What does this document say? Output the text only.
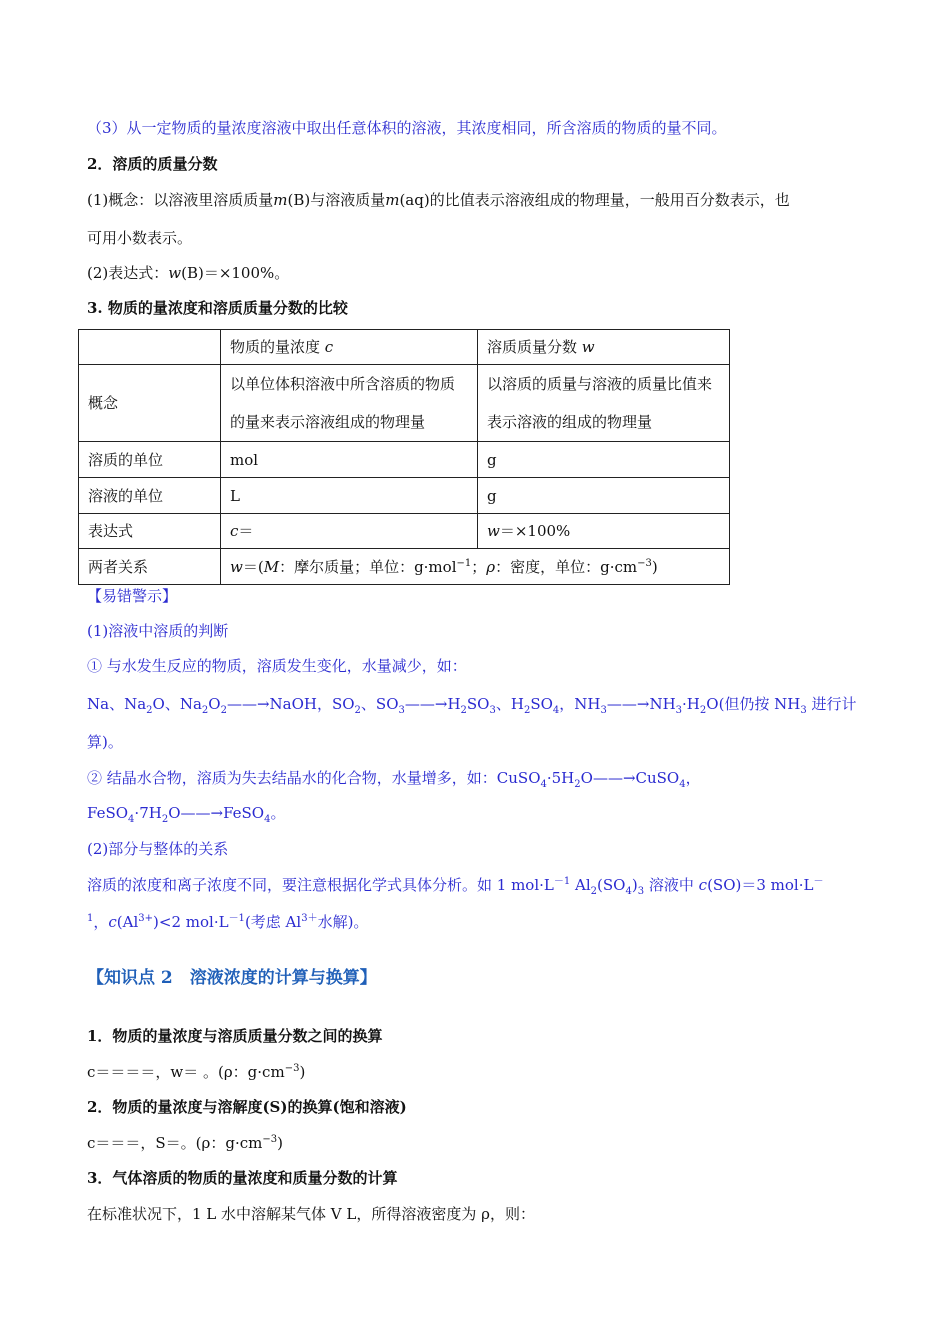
（3）从一定物质的量浓度溶液中取出任意体积的溶液，其浓度相同，所含溶质的物质的量不同。
2．溶质的质量分数
(1)概念：以溶液里溶质质量m(B)与溶液质量m(aq)的比值表示溶液组成的物理量，一般用百分数表示，也
可用小数表示。
(2)表达式：w(B)＝×100%。
3. 物质的量浓度和溶质质量分数的比较
	物质的量浓度 c	溶质质量分数 w
概念	以单位体积溶液中所含溶质的物质的量来表示溶液组成的物理量	以溶质的质量与溶液的质量比值来表示溶液的组成的物理量
溶质的单位	mol	g
溶液的单位	L	g
表达式	c＝	w＝×100%
两者关系	w＝(M：摩尔质量；单位：g·mol$^{-1}$；ρ：密度，单位：$g\cdot cm^{-3}$)	
【易错警示】
(1)溶液中溶质的判断
① 与水发生反应的物质，溶质发生变化，水量减少，如：
Na、$Na_2O$、$Na_2O_2——\to NaOH$，$SO_2$、$SO_3——\to H_2SO_3$、$H_2SO_4$，$NH_3——\to NH_3\cdot H_2O$(但仍按 $NH_3$ 进行计
算)。
② 结晶水合物，溶质为失去结晶水的化合物，水量增多，如：$CuSO_4\cdot 5H_2O——\to CuSO_4$，
$FeSO_4\cdot 7H_2O——\to FeSO_4$。
(2)部分与整体的关系
溶质的浓度和离子浓度不同，要注意根据化学式具体分析。如 1 $mol\cdot L^{-1}$ $Al_2(SO_4)_3$ 溶液中 c(SO)＝3 mol·L－
$^1$，$c(Al^{3+})<2$ $mol\cdot L^{-1}$(考虑 $Al^{3+}$水解)。
【知识点 2　溶液浓度的计算与换算】
1．物质的量浓度与溶质质量分数之间的换算
c＝＝＝＝，w＝ 。(ρ：$g\cdot cm^{-3}$)
2．物质的量浓度与溶解度(S)的换算(饱和溶液)
c＝＝＝，S＝。(ρ：$g\cdot cm^{-3}$)
3．气体溶质的物质的量浓度和质量分数的计算
在标准状况下，1 L 水中溶解某气体 V L，所得溶液密度为 ρ，则：
